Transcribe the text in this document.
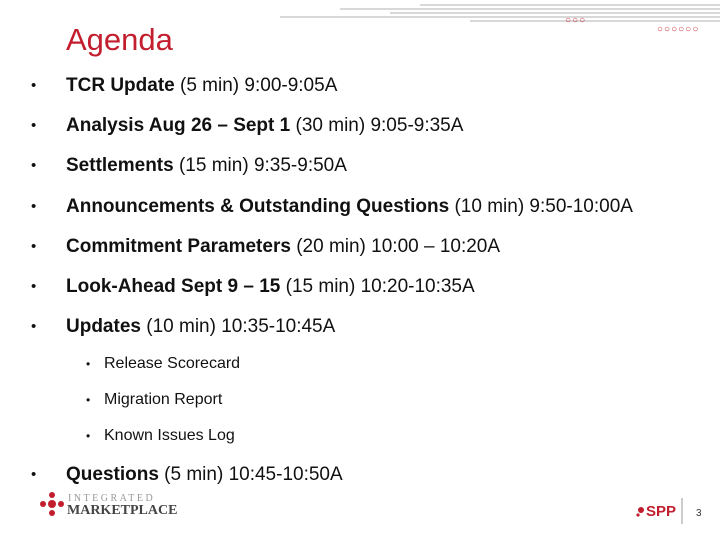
○○○
○○○○○○
Agenda
• TCR Update (5 min) 9:00-9:05A
• Analysis Aug 26 – Sept 1 (30 min) 9:05-9:35A
• Settlements (15 min) 9:35-9:50A
• Announcements & Outstanding Questions (10 min) 9:50-10:00A
• Commitment Parameters (20 min) 10:00 – 10:20A
• Look-Ahead Sept 9 – 15 (15 min) 10:20-10:35A
• Updates (10 min) 10:35-10:45A
• Release Scorecard
• Migration Report
• Known Issues Log
• Questions (5 min) 10:45-10:50A
INTEGRATED
MARKETPLACE	SPP 3
